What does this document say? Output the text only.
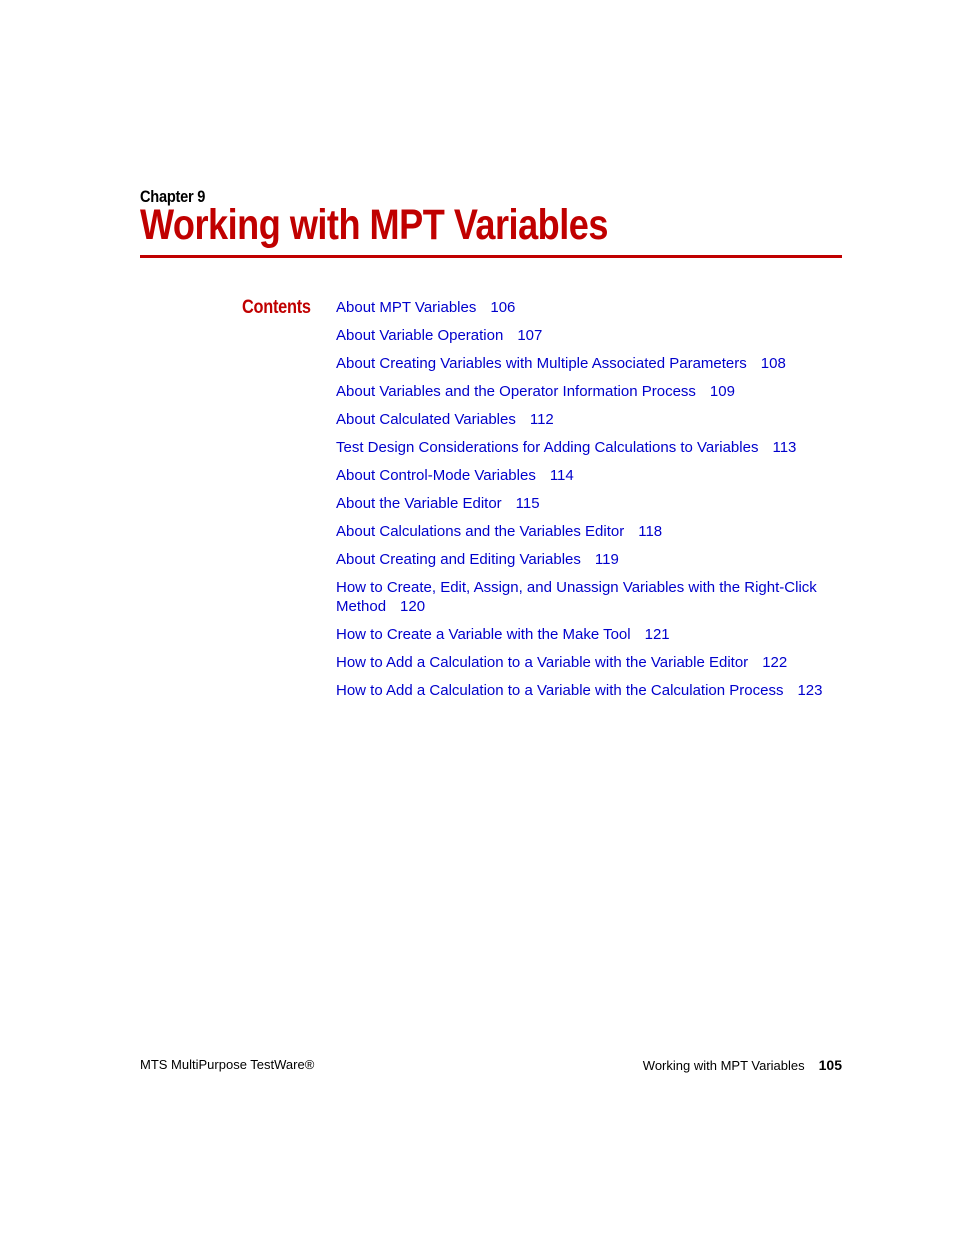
Chapter 9
Working with MPT Variables
Contents About MPT Variables 106
About Variable Operation 107
About Creating Variables with Multiple Associated Parameters 108
About Variables and the Operator Information Process 109
About Calculated Variables 112
Test Design Considerations for Adding Calculations to Variables 113
About Control-Mode Variables 114
About the Variable Editor 115
About Calculations and the Variables Editor 118
About Creating and Editing Variables 119
How to Create, Edit, Assign, and Unassign Variables with the Right-Click Method 120
How to Create a Variable with the Make Tool 121
How to Add a Calculation to a Variable with the Variable Editor 122
How to Add a Calculation to a Variable with the Calculation Process 123
MTS MultiPurpose TestWare®	Working with MPT Variables 105
